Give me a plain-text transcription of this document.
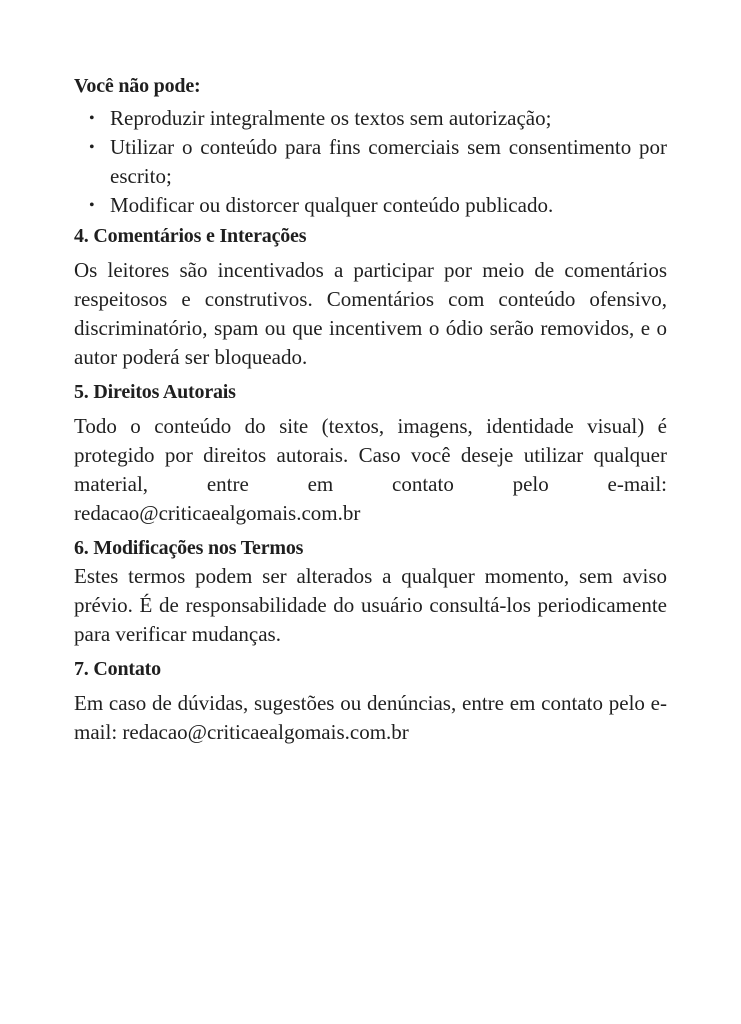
Você não pode:
• Reproduzir integralmente os textos sem autorização;
• Utilizar o conteúdo para fins comerciais sem consentimento por escrito;
• Modificar ou distorcer qualquer conteúdo publicado.
4. Comentários e Interações

Os leitores são incentivados a participar por meio de comentários respeitosos e construtivos. Comentários com conteúdo ofensivo, discriminatório, spam ou que incentivem o ódio serão removidos, e o autor poderá ser bloqueado.

5. Direitos Autorais

Todo o conteúdo do site (textos, imagens, identidade visual) é protegido por direitos autorais. Caso você deseje utilizar qualquer material, entre em contato pelo e-mail: redacao@criticaealgomais.com.br

6. Modificações nos Termos

Estes termos podem ser alterados a qualquer momento, sem aviso prévio. É de responsabilidade do usuário consultá-los periodicamente para verificar mudanças.

7. Contato

Em caso de dúvidas, sugestões ou denúncias, entre em contato pelo e-mail: redacao@criticaealgomais.com.br
